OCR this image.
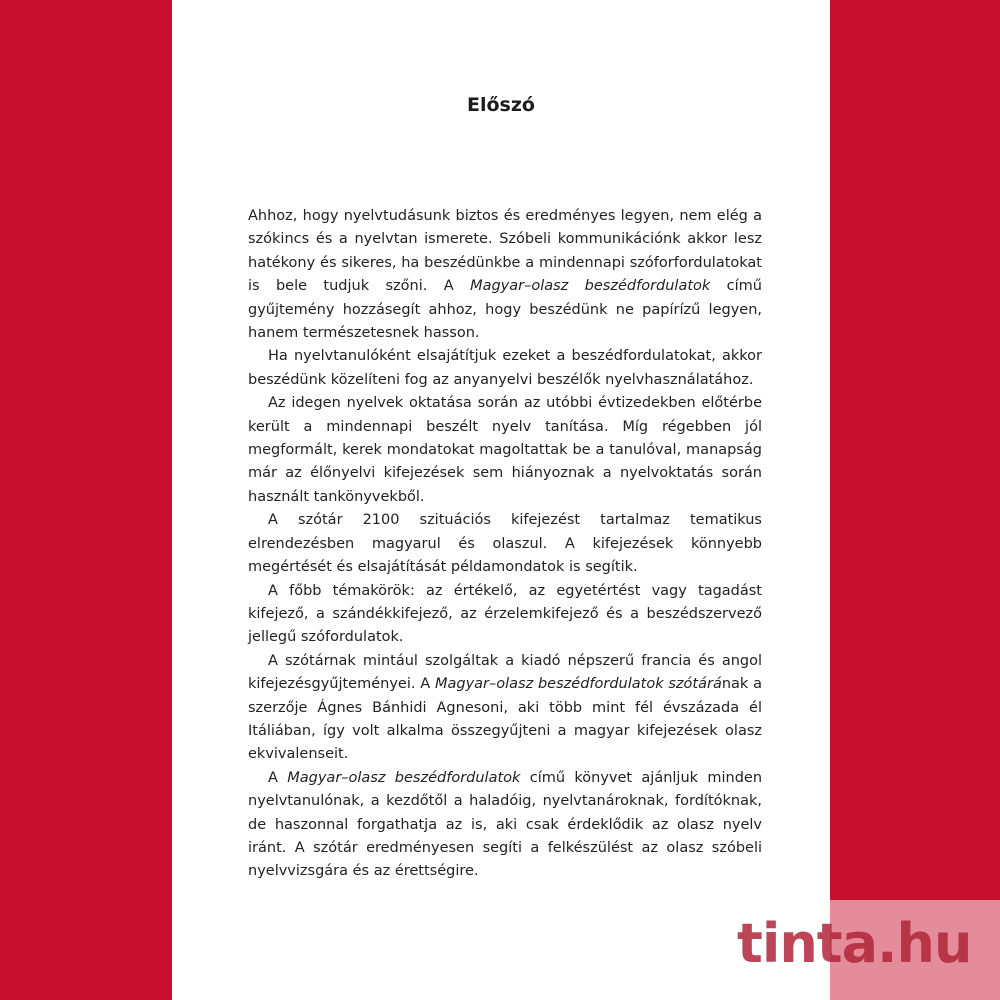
Előszó

Ahhoz, hogy nyelvtudásunk biztos és eredményes legyen, nem elég a szókincs és a nyelvtan ismerete. Szóbeli kommunikációnk akkor lesz hatékony és sikeres, ha beszédünkbe a mindennapi szóforfordulatokat is bele tudjuk szőni. A Magyar–olasz beszédfordulatok című gyűjtemény hozzásegít ahhoz, hogy beszédünk ne papírízű legyen, hanem természetesnek hasson.

Ha nyelvtanulóként elsajátítjuk ezeket a beszédfordulatokat, akkor beszédünk közelíteni fog az anyanyelvi beszélők nyelvhasználatához.

Az idegen nyelvek oktatása során az utóbbi évtizedekben előtérbe került a mindennapi beszélt nyelv tanítása. Míg régebben jól megformált, kerek mondatokat magoltattak be a tanulóval, manapság már az élőnyelvi kifejezések sem hiányoznak a nyelvoktatás során használt tankönyvekből.

A szótár 2100 szituációs kifejezést tartalmaz tematikus elrendezésben magyarul és olaszul. A kifejezések könnyebb megértését és elsajátítását példamondatok is segítik.

A főbb témakörök: az értékelő, az egyetértést vagy tagadást kifejező, a szándékkifejező, az érzelemkifejező és a beszédszervező jellegű szófordulatok.

A szótárnak mintául szolgáltak a kiadó népszerű francia és angol kifejezésgyűjteményei. A Magyar–olasz beszédfordulatok szótárának a szerzője Ágnes Bánhidi Agnesoni, aki több mint fél évszázada él Itáliában, így volt alkalma összegyűjteni a magyar kifejezések olasz ekvivalenseit.

A Magyar–olasz beszédfordulatok című könyvet ajánljuk minden nyelvtanulónak, a kezdőtől a haladóig, nyelvtanároknak, fordítóknak, de haszonnal forgathatja az is, aki csak érdeklődik az olasz nyelv iránt. A szótár eredményesen segíti a felkészülést az olasz szóbeli nyelvvizsgára és az érettségire.

tinta.hu
